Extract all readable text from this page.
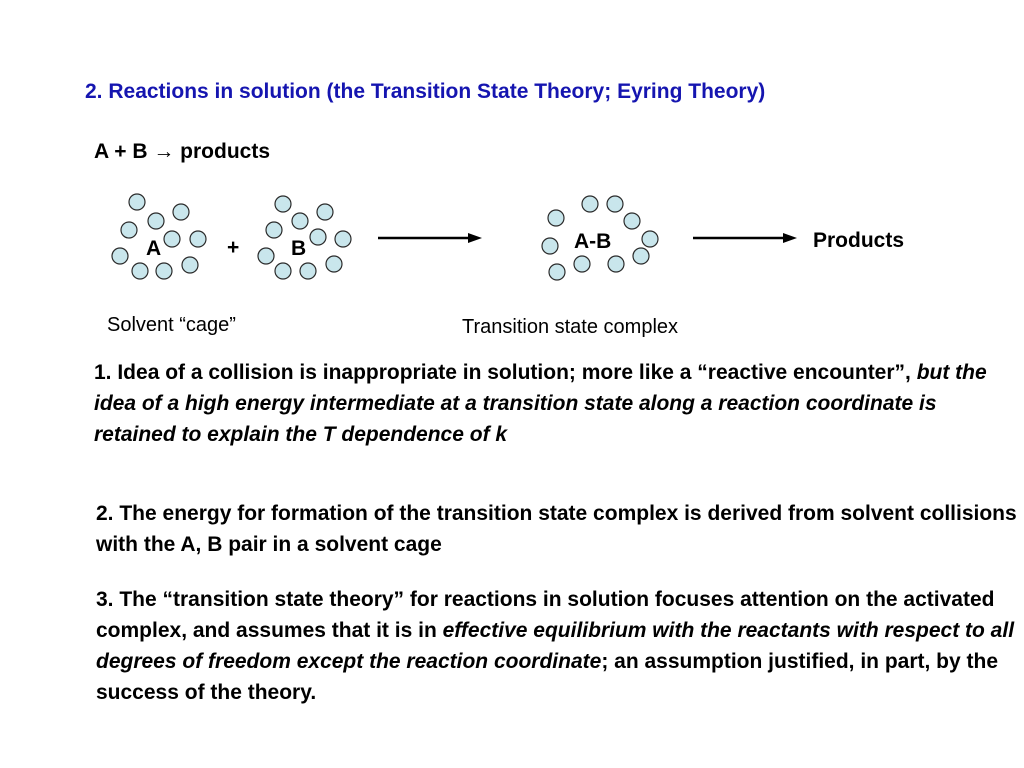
2. Reactions in solution (the Transition State Theory; Eyring Theory)
A + B → products
A	+ B	A-B	Products
Solvent “cage”	Transition state complex
1. Idea of a collision is inappropriate in solution; more like a “reactive encounter”, but the idea of a high energy intermediate at a transition state along a reaction coordinate is retained to explain the T dependence of k
2. The energy for formation of the transition state complex is derived from solvent collisions with the A, B pair in a solvent cage
3. The “transition state theory” for reactions in solution focuses attention on the activated complex, and assumes that it is in effective equilibrium with the reactants with respect to all degrees of freedom except the reaction coordinate; an assumption justified, in part, by the success of the theory.
